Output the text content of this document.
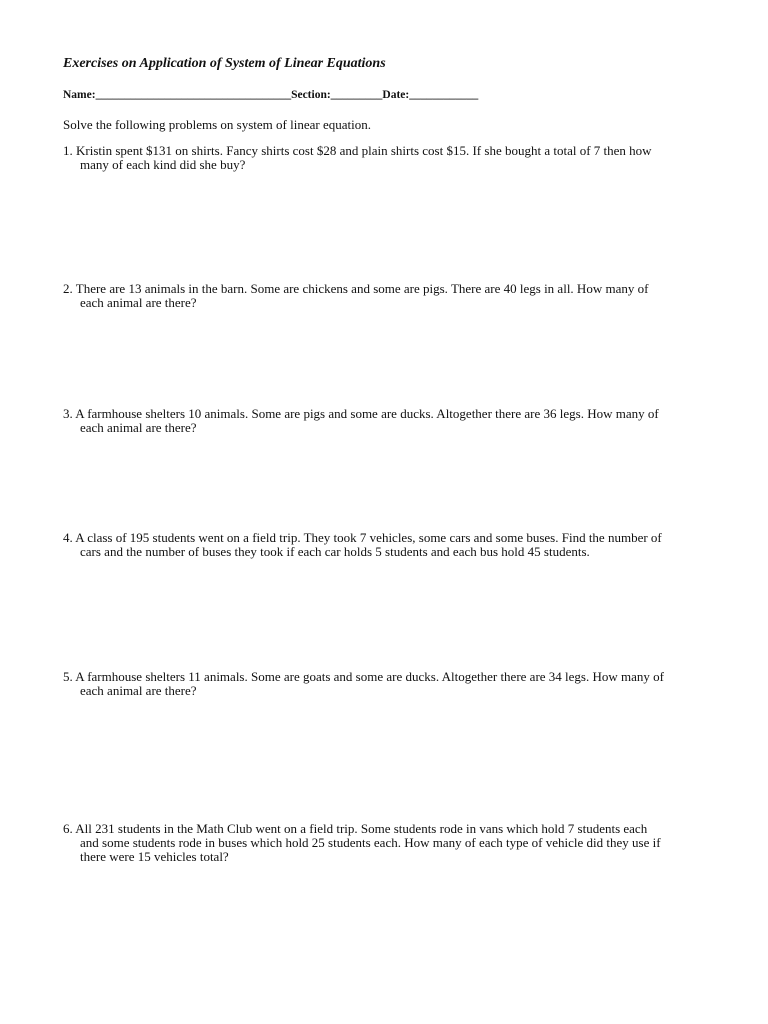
Exercises on Application of System of Linear Equations
Name:__________________________________Section:_________Date:____________
Solve the following problems on system of linear equation.
1. Kristin spent $131 on shirts. Fancy shirts cost $28 and plain shirts cost $15. If she bought a total of 7 then how
many of each kind did she buy?
2. There are 13 animals in the barn. Some are chickens and some are pigs. There are 40 legs in all. How many of
each animal are there?
3. A farmhouse shelters 10 animals. Some are pigs and some are ducks. Altogether there are 36 legs. How many of
each animal are there?
4. A class of 195 students went on a field trip. They took 7 vehicles, some cars and some buses. Find the number of
cars and the number of buses they took if each car holds 5 students and each bus hold 45 students.
5. A farmhouse shelters 11 animals. Some are goats and some are ducks. Altogether there are 34 legs. How many of
each animal are there?
6. All 231 students in the Math Club went on a field trip. Some students rode in vans which hold 7 students each
and some students rode in buses which hold 25 students each. How many of each type of vehicle did they use if
there were 15 vehicles total?
